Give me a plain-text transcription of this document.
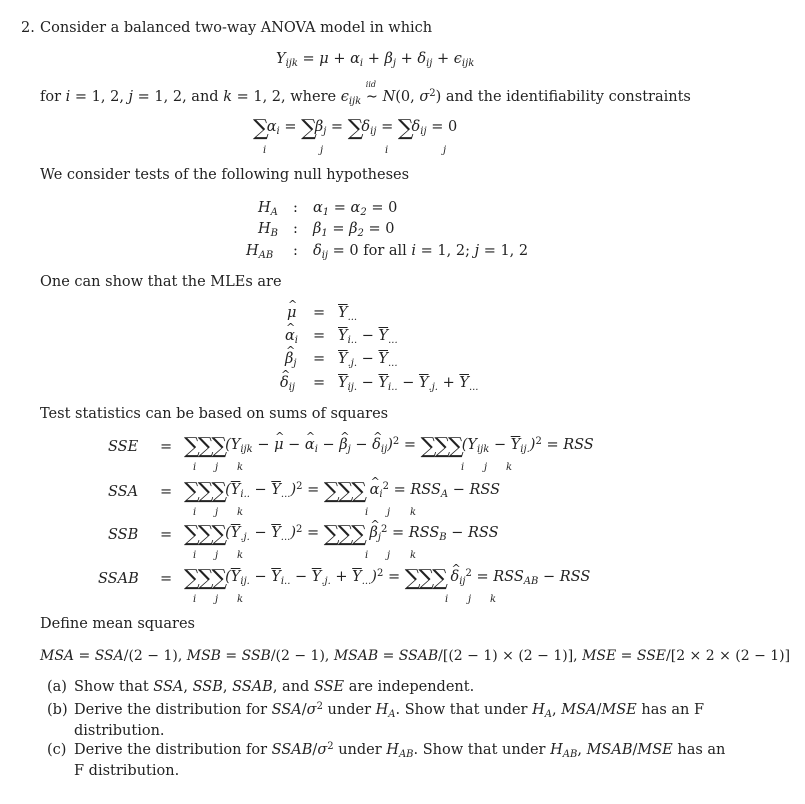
2. Consider a balanced two-way ANOVA model in which
$Y_{ijk} = \mu + \alpha_i + \beta_j + \delta_{ij} + \epsilon_{ijk}$
for i = 1, 2, j = 1, 2, and k = 1, 2, where $\epsilon_{ijk}$
iid
∼ N(0, $\sigma^2$) and the identifiability constraints
$\sum\alpha_i = \sum\beta_j = \sum\delta_{ij} = \sum\delta_{ij} = 0$
i	j	i	j
We consider tests of the following null hypotheses
$H_A$ : $\alpha_1 = \alpha_2 = 0$
$H_B$ : $\beta_1 = \beta_2 = 0$
$H_{AB}$ : $\delta_{ij} = 0$ for all i = 1, 2; j = 1, 2
One can show that the MLEs are
^ $\mu = \overline{Y}_{...}$
^ $\alpha_i = \overline{Y}_{i..} - \overline{Y}_{...}$
^ $\beta_j = \overline{Y}_{.j.} - \overline{Y}_{...}$
^ $\delta_{ij} = \overline{Y}_{ij.} - \overline{Y}_{i..} - \overline{Y}_{.j.} + \overline{Y}_{...}$
Test statistics can be based on sums of squares
SSE = $\sum\sum\sum(Y_{ijk}$ − ^ μ − ^ $\alpha_i$ − ^ $\beta_j$ − ^ $\delta_{ij})^2 = \sum\sum\sum(Y_{ijk} - \overline{Y}_{ij.})^2$ = RSS
i j k	i j k
SSA = $\sum\sum\sum(\overline{Y}_{i..} - \overline{Y}_{...})^2$ = ∑∑∑ ^ $\alpha_i^2 = RSS_A$ − RSS
i j k	i j k
SSB = $\sum\sum\sum(\overline{Y}_{.j.} - \overline{Y}_{...})^2$ = ∑∑∑ ^ $\beta_j^2 = RSS_B$ − RSS
i j k	i j k
SSAB = $\sum\sum\sum(\overline{Y}_{ij.} - \overline{Y}_{i..} - \overline{Y}_{.j.} + \overline{Y}_{...})^2$ = ∑∑∑ ^ $\delta_{ij}^2 = RSS_{AB}$ − RSS
i j k	i j k
Define mean squares
MSA = SSA/(2 − 1), MSB = SSB/(2 − 1), MSAB = SSAB/[(2 − 1) × (2 − 1)], MSE = SSE/[2 × 2 × (2 − 1)]
(a) Show that SSA, SSB, SSAB, and SSE are independent.
(b) Derive the distribution for SSA/$\sigma^2$ under $H_A$. Show that under $H_A$, MSA/MSE has an F
distribution.
(c) Derive the distribution for SSAB/$\sigma^2$ under $H_{AB}$. Show that under $H_{AB}$, MSAB/MSE has an
F distribution.
